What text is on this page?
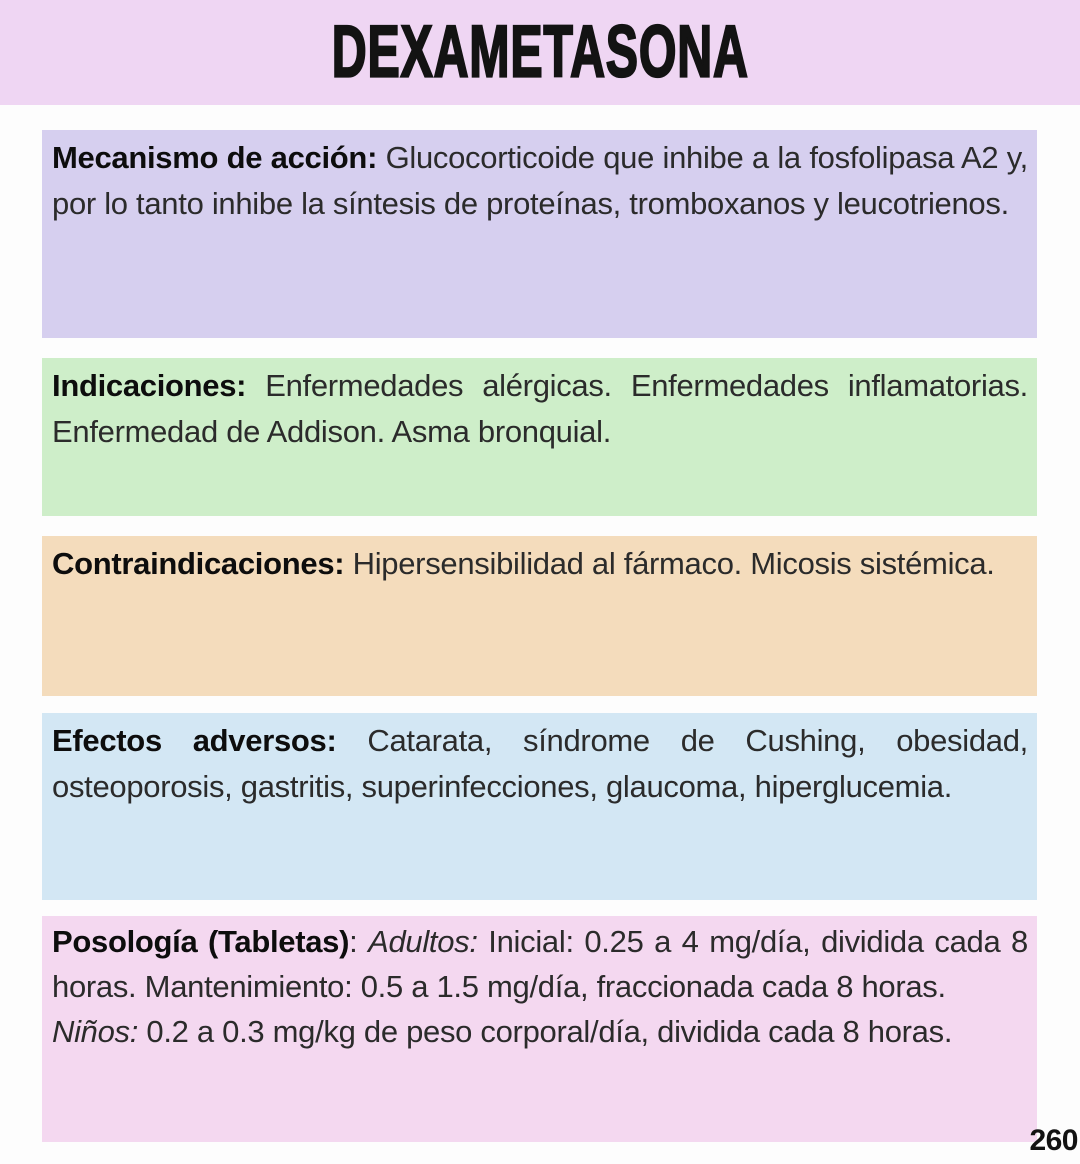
DEXAMETASONA

Mecanismo de acción: Glucocorticoide que inhibe a la fosfolipasa A2 y, por lo tanto inhibe la síntesis de proteínas, tromboxanos y leucotrienos.

Indicaciones: Enfermedades alérgicas. Enfermedades inflamatorias. Enfermedad de Addison. Asma bronquial.

Contraindicaciones: Hipersensibilidad al fármaco. Micosis sistémica.

Efectos adversos: Catarata, síndrome de Cushing, obesidad, osteoporosis, gastritis, superinfecciones, glaucoma, hiperglucemia.

Posología (Tabletas): Adultos: Inicial: 0.25 a 4 mg/día, dividida cada 8 horas. Mantenimiento: 0.5 a 1.5 mg/día, fraccionada cada 8 horas.

Niños: 0.2 a 0.3 mg/kg de peso corporal/día, dividida cada 8 horas.

260
